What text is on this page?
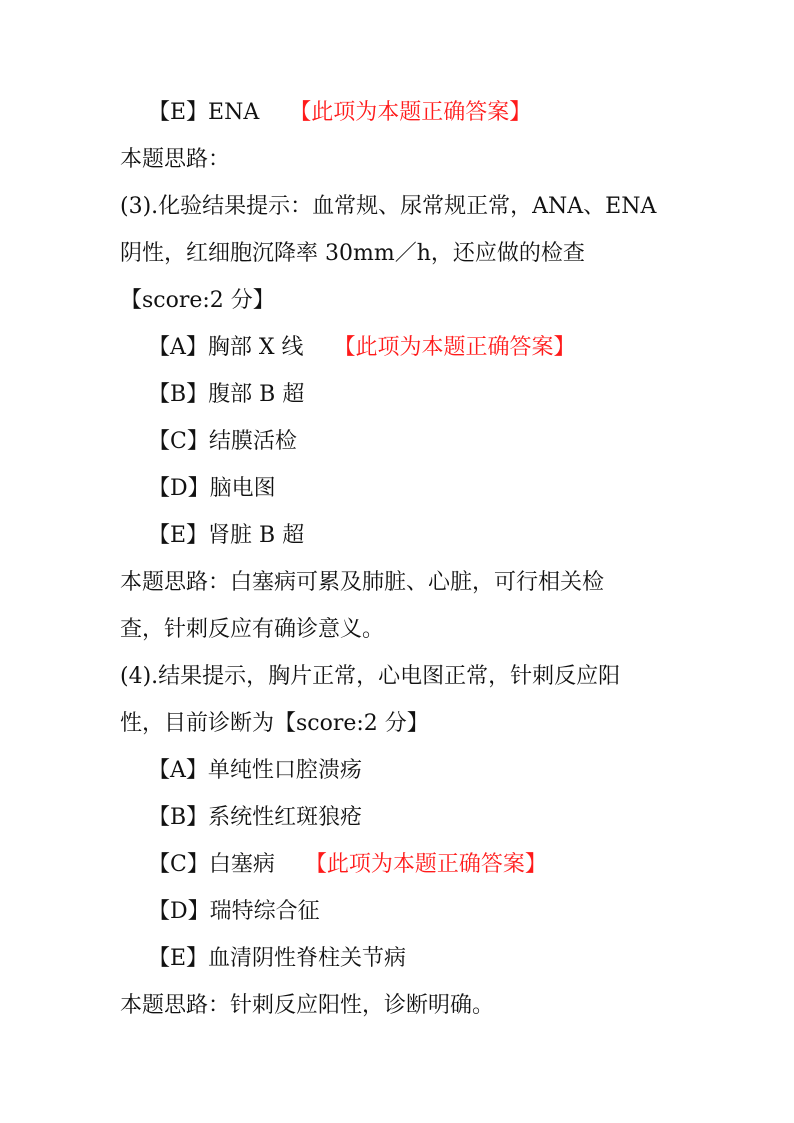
【E】ENA 【此项为本题正确答案】
本题思路：
(3).化验结果提示：血常规、尿常规正常，ANA、ENA
阴性，红细胞沉降率 30mm／h，还应做的检查
【score:2 分】
【A】胸部 X 线 【此项为本题正确答案】
【B】腹部 B 超
【C】结膜活检
【D】脑电图
【E】肾脏 B 超
本题思路：白塞病可累及肺脏、心脏，可行相关检
查，针刺反应有确诊意义。
(4).结果提示，胸片正常，心电图正常，针刺反应阳
性，目前诊断为【score:2 分】
【A】单纯性口腔溃疡
【B】系统性红斑狼疮
【C】白塞病 【此项为本题正确答案】
【D】瑞特综合征
【E】血清阴性脊柱关节病
本题思路：针刺反应阳性，诊断明确。
